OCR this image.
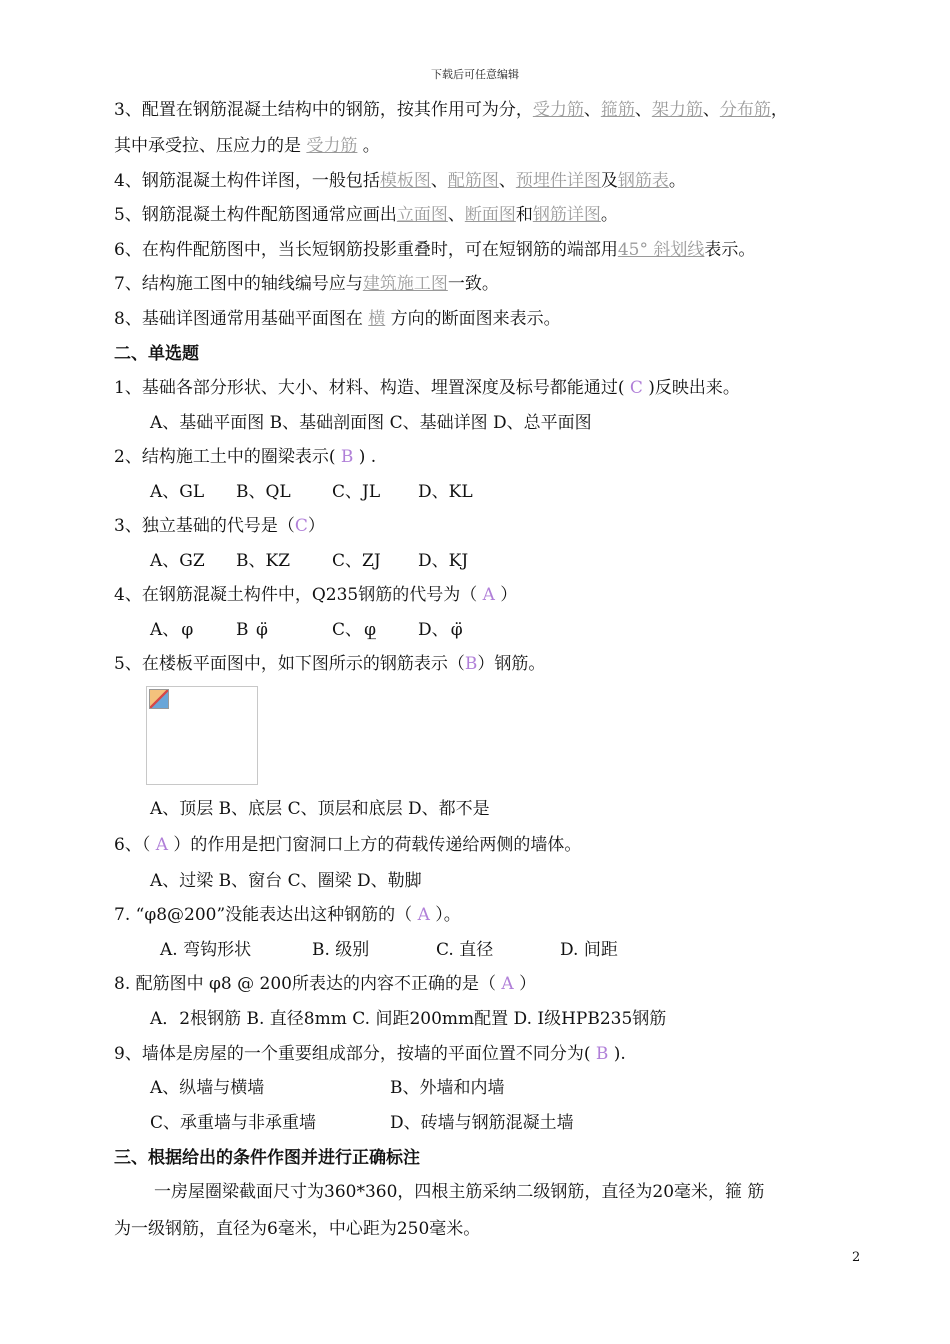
下载后可任意编辑
3、配置在钢筋混凝土结构中的钢筋，按其作用可为分，受力筋、箍筋、架力筋、分布筋，
其中承受拉、压应力的是 受力筋 。
4、钢筋混凝土构件详图，一般包括模板图、配筋图、预埋件详图及钢筋表。
5、钢筋混凝土构件配筋图通常应画出立面图、断面图和钢筋详图。
6、在构件配筋图中，当长短钢筋投影重叠时，可在短钢筋的端部用45° 斜划线表示。
7、结构施工图中的轴线编号应与建筑施工图一致。
8、基础详图通常用基础平面图在 横 方向的断面图来表示。
二、单选题
1、基础各部分形状、大小、材料、构造、埋置深度及标号都能通过( C )反映出来。
A、基础平面图 B、基础剖面图 C、基础详图 D、总平面图
2、结构施工土中的圈梁表示( B ) .
A、GL B、QL C、JL D、KL
3、独立基础的代号是（C）
A、GZ B、KZ C、ZJ D、KJ
4、在钢筋混凝土构件中，Q235钢筋的代号为（ A ）
A、 φ	B φ̈	C、 φ̲ D、 φ̈
5、在楼板平面图中，如下图所示的钢筋表示（B）钢筋。
A、顶层 B、底层 C、顶层和底层 D、都不是
6、（ A ）的作用是把门窗洞口上方的荷载传递给两侧的墙体。
A、过梁 B、窗台 C、圈梁 D、勒脚
7. “φ8@200”没能表达出这种钢筋的（ A ）。
A. 弯钩形状	B. 级别	C. 直径	D. 间距
8. 配筋图中 φ8 @ 200所表达的内容不正确的是（ A ）
A．2根钢筋 B. 直径8mm C. 间距200mm配置 D. Ⅰ级HPB235钢筋
9、墙体是房屋的一个重要组成部分，按墙的平面位置不同分为( B ).
A、纵墙与横墙	B、外墙和内墙
C、承重墙与非承重墙	D、砖墙与钢筋混凝土墙
三、根据给出的条件作图并进行正确标注
一房屋圈梁截面尺寸为360*360，四根主筋采纳二级钢筋，直径为20毫米，箍 筋
为一级钢筋，直径为6毫米，中心距为250毫米。
2
